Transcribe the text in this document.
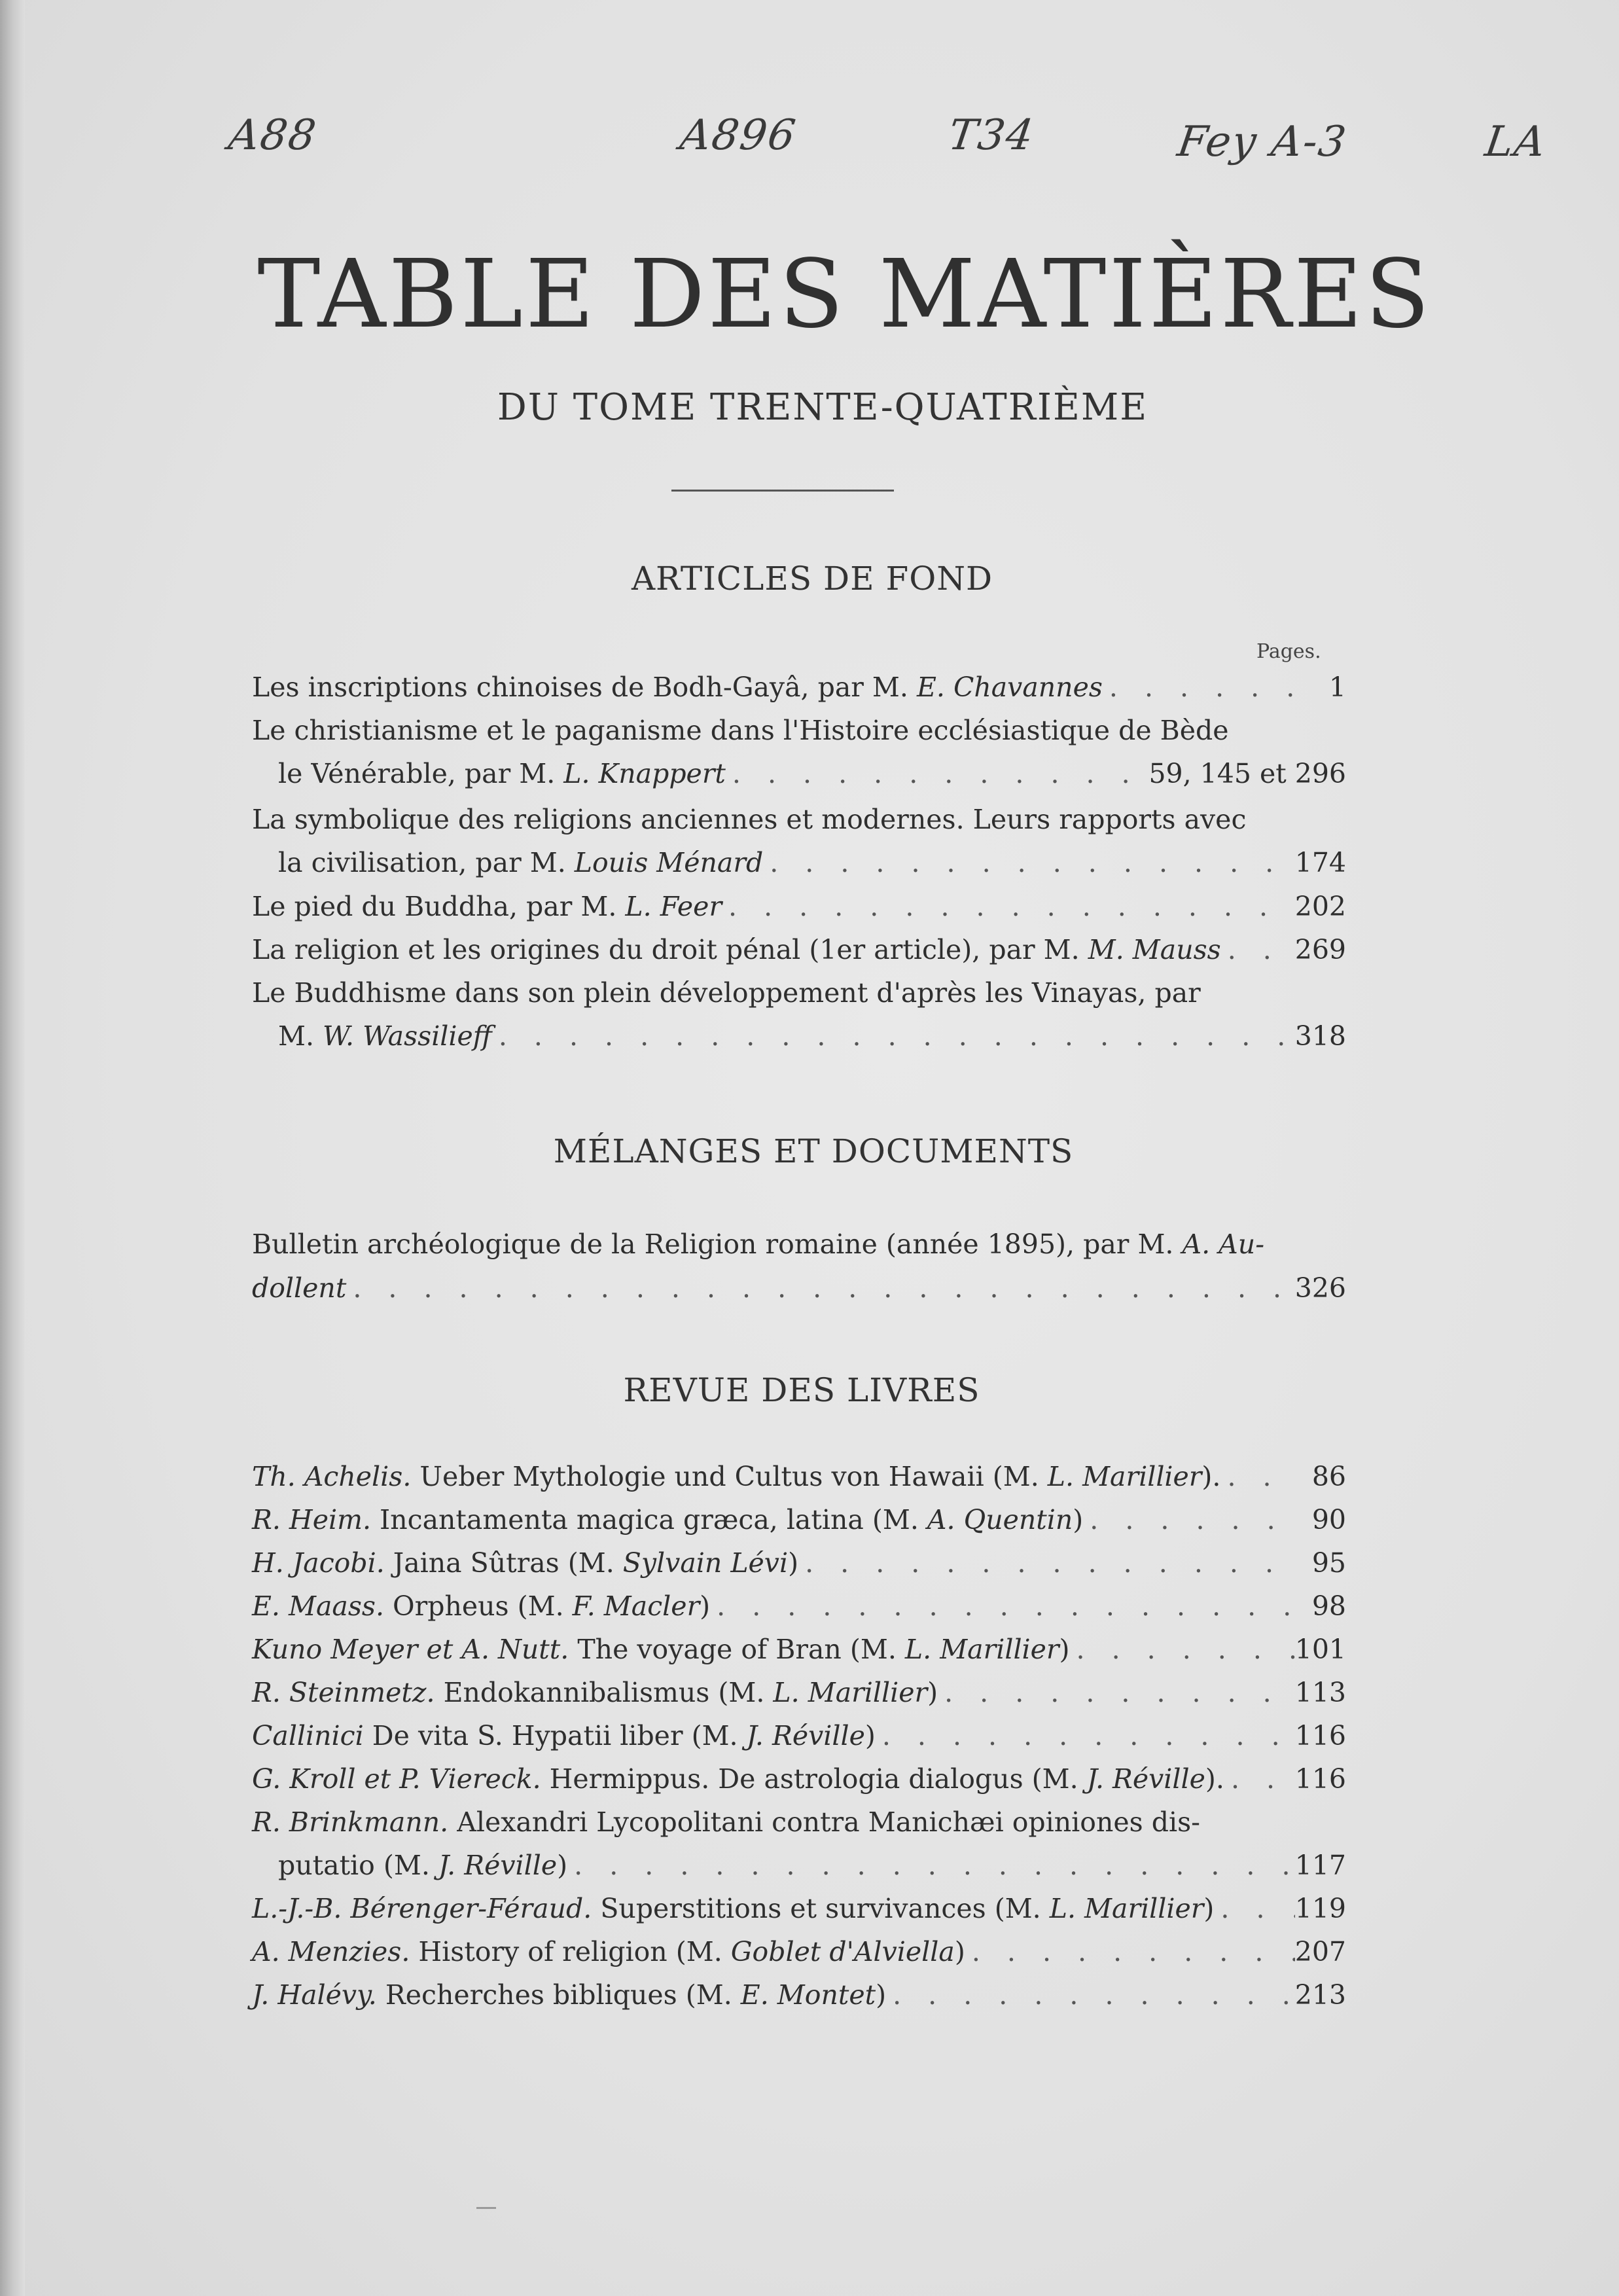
A88	A896	T34	Fey A-3	LA
TABLE DES MATIÈRES
DU TOME TRENTE-QUATRIÈME
ARTICLES DE FOND
Pages.
Les inscriptions chinoises de Bodh-Gayâ, par M. E. Chavannes . . .	1
Le christianisme et le paganisme dans l'Histoire ecclésiastique de Bède
le Vénérable, par M. L. Knappert . . .	59, 145 et 296
La symbolique des religions anciennes et modernes. Leurs rapports avec
la civilisation, par M. Louis Ménard . . .	174
Le pied du Buddha, par M. L. Feer . . .	202
La religion et les origines du droit pénal (1er article), par M. M. Mauss . . .	269
Le Buddhisme dans son plein développement d'après les Vinayas, par
M. W. Wassilieff . . .	318
MÉLANGES ET DOCUMENTS
Bulletin archéologique de la Religion romaine (année 1895), par M. A. Au-
dollent . . .	326
REVUE DES LIVRES
Th. Achelis. Ueber Mythologie und Cultus von Hawaii (M. L. Marillier). . . .	86
R. Heim. Incantamenta magica græca, latina (M. A. Quentin) . . .	90
H. Jacobi. Jaina Sûtras (M. Sylvain Lévi) . . .	95
E. Maass. Orpheus (M. F. Macler) . . .	98
Kuno Meyer et A. Nutt. The voyage of Bran (M. L. Marillier) . . .	101
R. Steinmetz. Endokannibalismus (M. L. Marillier) . . .	113
Callinici De vita S. Hypatii liber (M. J. Réville) . . .	116
G. Kroll et P. Viereck. Hermippus. De astrologia dialogus (M. J. Réville). . . .	116
R. Brinkmann. Alexandri Lycopolitani contra Manichæi opiniones dis-
putatio (M. J. Réville) . . .	117
L.-J.-B. Bérenger-Féraud. Superstitions et survivances (M. L. Marillier) . . .	119
A. Menzies. History of religion (M. Goblet d'Alviella) . . .	207
J. Halévy. Recherches bibliques (M. E. Montet) . . .	213
